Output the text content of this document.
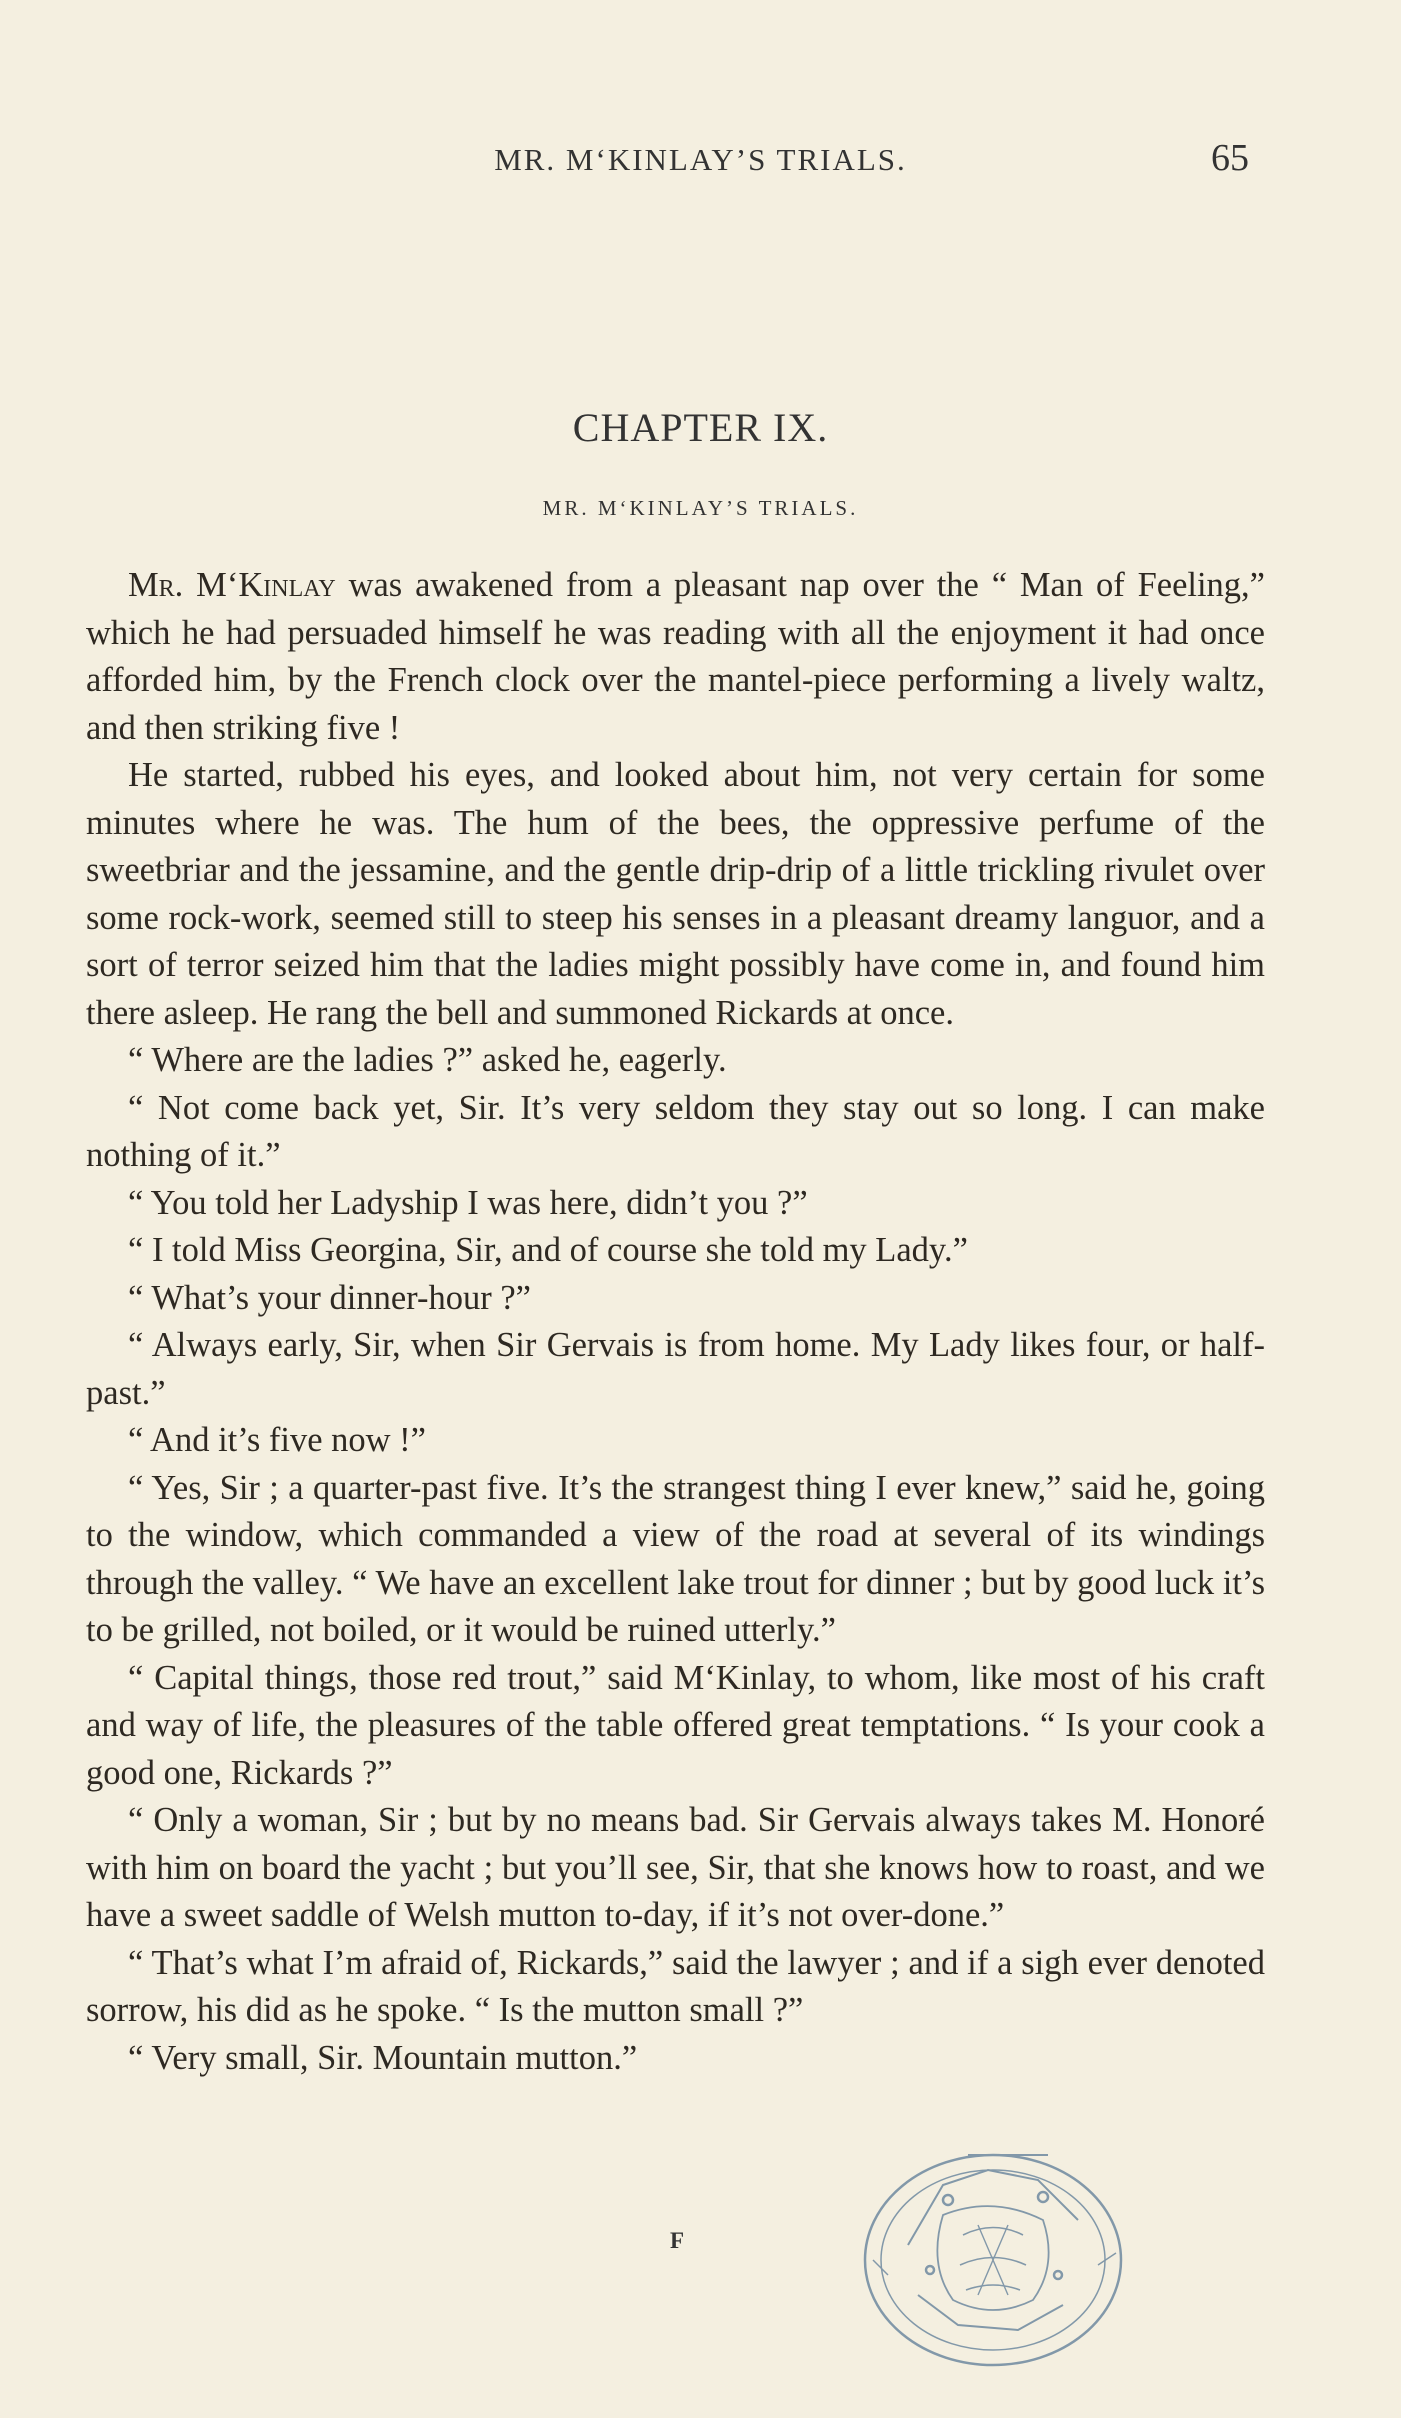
MR. M‘KINLAY’S TRIALS.	65
CHAPTER IX.
MR. M‘KINLAY’S TRIALS.

Mr. M‘Kinlay was awakened from a pleasant nap over the “ Man of Feeling,” which he had persuaded himself he was reading with all the enjoyment it had once afforded him, by the French clock over the mantel-piece performing a lively waltz, and then striking five !

He started, rubbed his eyes, and looked about him, not very certain for some minutes where he was. The hum of the bees, the oppressive perfume of the sweetbriar and the jessamine, and the gentle drip-drip of a little trickling rivulet over some rock-work, seemed still to steep his senses in a pleasant dreamy languor, and a sort of terror seized him that the ladies might possibly have come in, and found him there asleep. He rang the bell and summoned Rickards at once.

“ Where are the ladies ?” asked he, eagerly.

“ Not come back yet, Sir. It’s very seldom they stay out so long. I can make nothing of it.”

“ You told her Ladyship I was here, didn’t you ?”

“ I told Miss Georgina, Sir, and of course she told my Lady.”

“ What’s your dinner-hour ?”

“ Always early, Sir, when Sir Gervais is from home. My Lady likes four, or half-past.”

“ And it’s five now !”

“ Yes, Sir ; a quarter-past five. It’s the strangest thing I ever knew,” said he, going to the window, which commanded a view of the road at several of its windings through the valley. “ We have an excellent lake trout for dinner ; but by good luck it’s to be grilled, not boiled, or it would be ruined utterly.”

“ Capital things, those red trout,” said M‘Kinlay, to whom, like most of his craft and way of life, the pleasures of the table offered great temptations. “ Is your cook a good one, Rickards ?”

“ Only a woman, Sir ; but by no means bad. Sir Gervais always takes M. Honoré with him on board the yacht ; but you’ll see, Sir, that she knows how to roast, and we have a sweet saddle of Welsh mutton to-day, if it’s not over-done.”

“ That’s what I’m afraid of, Rickards,” said the lawyer ; and if a sigh ever denoted sorrow, his did as he spoke. “ Is the mutton small ?”

“ Very small, Sir. Mountain mutton.”

F
